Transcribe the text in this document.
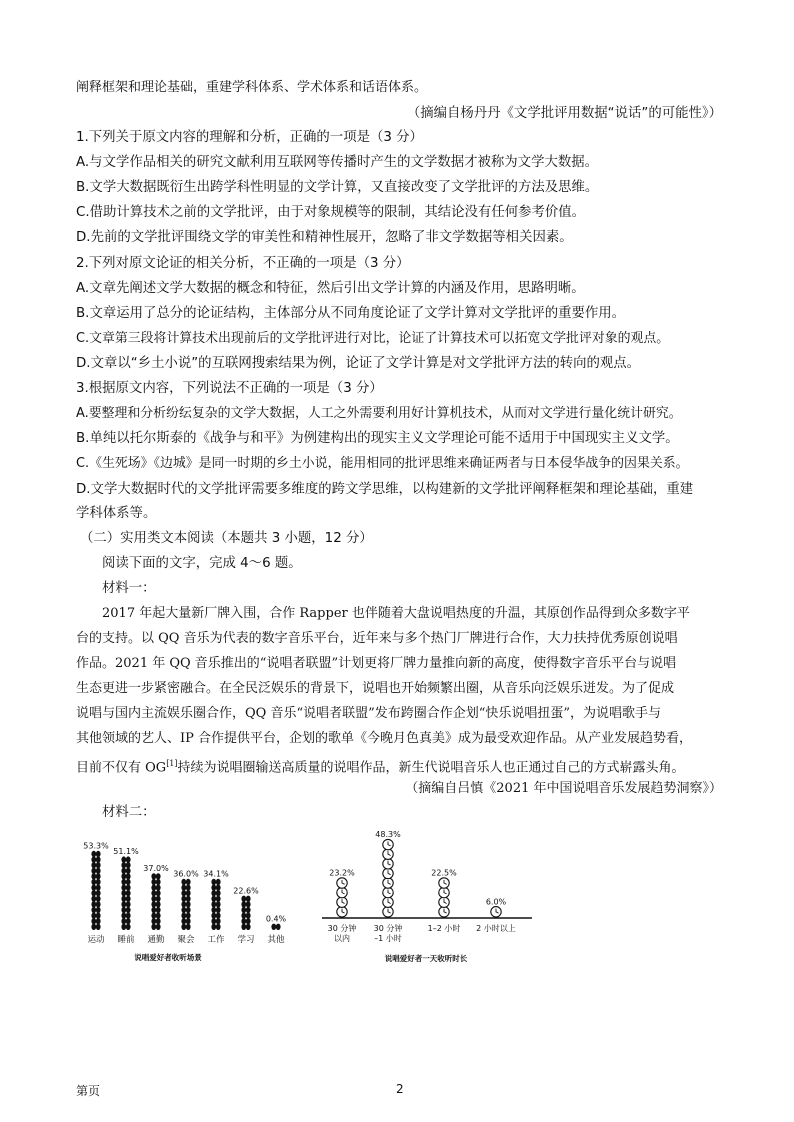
阐释框架和理论基础，重建学科体系、学术体系和话语体系。
（摘编自杨丹丹《文学批评用数据“说话”的可能性》）
1.下列关于原文内容的理解和分析，正确的一项是（3 分）
A.与文学作品相关的研究文献利用互联网等传播时产生的文学数据才被称为文学大数据。
B.文学大数据既衍生出跨学科性明显的文学计算，又直接改变了文学批评的方法及思维。
C.借助计算技术之前的文学批评，由于对象规模等的限制，其结论没有任何参考价值。
D.先前的文学批评围绕文学的审美性和精神性展开，忽略了非文学数据等相关因素。
2.下列对原文论证的相关分析，不正确的一项是（3 分）
A.文章先阐述文学大数据的概念和特征，然后引出文学计算的内涵及作用，思路明晰。
B.文章运用了总分的论证结构，主体部分从不同角度论证了文学计算对文学批评的重要作用。
C.文章第三段将计算技术出现前后的文学批评进行对比，论证了计算技术可以拓宽文学批评对象的观点。
D.文章以“乡土小说”的互联网搜索结果为例，论证了文学计算是对文学批评方法的转向的观点。
3.根据原文内容，下列说法不正确的一项是（3 分）
A.要整理和分析纷纭复杂的文学大数据，人工之外需要利用好计算机技术，从而对文学进行量化统计研究。
B.单纯以托尔斯泰的《战争与和平》为例建构出的现实主义文学理论可能不适用于中国现实主义文学。
C.《生死场》《边城》是同一时期的乡土小说，能用相同的批评思维来确证两者与日本侵华战争的因果关系。
D.文学大数据时代的文学批评需要多维度的跨文学思维，以构建新的文学批评阐释框架和理论基础，重建
学科体系等。
（二）实用类文本阅读（本题共 3 小题，12 分）
阅读下面的文字，完成 4～6 题。
材料一：
2017 年起大量新厂牌入围，合作 Rapper 也伴随着大盘说唱热度的升温，其原创作品得到众多数字平
台的支持。以 QQ 音乐为代表的数字音乐平台，近年来与多个热门厂牌进行合作，大力扶持优秀原创说唱
作品。2021 年 QQ 音乐推出的“说唱者联盟”计划更将厂牌力量推向新的高度，使得数字音乐平台与说唱
生态更进一步紧密融合。在全民泛娱乐的背景下，说唱也开始频繁出圈，从音乐向泛娱乐迸发。为了促成
说唱与国内主流娱乐圈合作，QQ 音乐“说唱者联盟”发布跨圈合作企划“快乐说唱扭蛋”，为说唱歌手与
其他领域的艺人、IP 合作提供平台，企划的歌单《今晚月色真美》成为最受欢迎作品。从产业发展趋势看，
目前不仅有 OG[1]持续为说唱圈输送高质量的说唱作品，新生代说唱音乐人也正通过自己的方式崭露头角。
（摘编自吕慎《2021 年中国说唱音乐发展趋势洞察》）
材料二：
53.3%
运动
51.1%
睡前
37.0%
通勤
36.0%
聚会
34.1%
工作
22.6%
学习
0.4%
其他
说唱爱好者收听场景
23.2%
30 分钟
以内
48.3%
30 分钟
–1 小时
22.5%
1–2 小时
6.0%
2 小时以上
说唱爱好者一天收听时长
第页	2
